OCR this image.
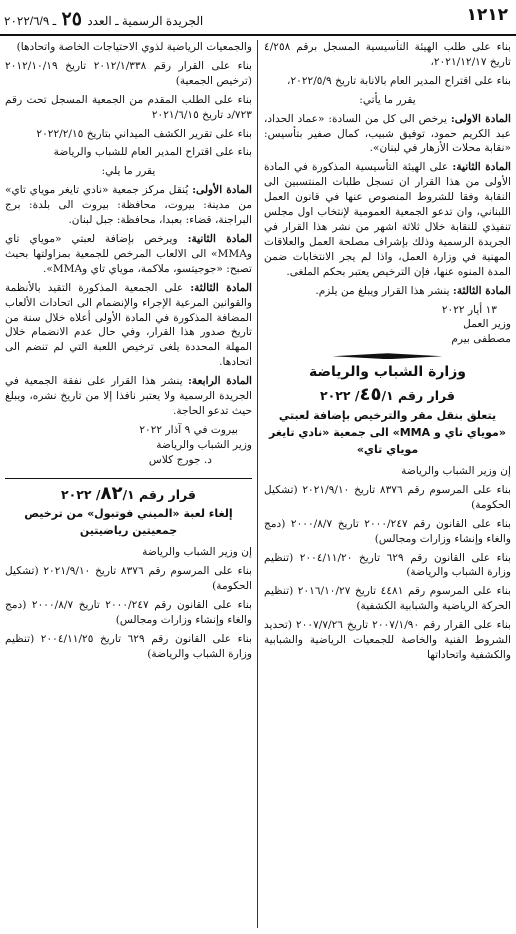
١٢١٢
الجريدة الرسمية ـ العدد ٢٥ ـ ٢٠٢٢/٦/٩

بناء على طلب الهيئة التأسيسية المسجل برقم ٤/٢٥٨ تاريخ ٢٠٢١/١٢/١٧،

بناء على اقتراح المدير العام بالانابة تاريخ ٢٠٢٢/٥/٩،

يقرر ما يأتي:

المادة الاولى: يرخص الى كل من السادة: «عماد الحداد، عبد الكريم حمود، توفيق شبيب، كمال صفير بتأسيس: «نقابة محلات الأزهار في لبنان».

المادة الثانية: على الهيئة التأسيسية المذكورة في المادة الأولى من هذا القرار ان تسجل طلبات المنتسبين الى النقابة وفقا للشروط المنصوص عنها في قانون العمل اللبناني، وان تدعو الجمعية العمومية لإنتخاب اول مجلس تنفيذي للنقابة خلال ثلاثة اشهر من نشر هذا القرار في الجريدة الرسمية وذلك بإشراف مصلحة العمل والعلاقات المهنية في وزارة العمل، واذا لم يجر الانتخابات ضمن المدة المنوه عنها، فإن الترخيص يعتبر بحكم الملغى.

المادة الثالثة: ينشر هذا القرار ويبلغ من يلزم.

١٣ أيار ٢٠٢٢

وزير العمل

مصطفى بيرم

وزارة الشباب والرياضة
قرار رقم ٤٥/١/ ٢٠٢٢
يتعلق بنقل مقر والترخيص بإضافة لعبتي «موياي تاي و MMA» الى جمعية «نادي تايغر موياي تاي»

إن وزير الشباب والرياضة

بناء على المرسوم رقم ٨٣٧٦ تاريخ ٢٠٢١/٩/١٠ (تشكيل الحكومة)

بناء على القانون رقم ٢٠٠٠/٢٤٧ تاريخ ٢٠٠٠/٨/٧ (دمج والغاء وإنشاء وزارات ومجالس)

بناء على القانون رقم ٦٢٩ تاريخ ٢٠٠٤/١١/٢٠ (تنظيم وزارة الشباب والرياضة)

بناء على المرسوم رقم ٤٤٨١ تاريخ ٢٠١٦/١٠/٢٧ (تنظيم الحركة الرياضية والشبابية الكشفية)

بناء على القرار رقم ٢٠٠٧/١/٩٠ تاريخ ٢٠٠٧/٧/٢٦ (تحديد الشروط الفنية والخاصة للجمعيات الرياضية والشبابية والكشفية واتحاداتها

والجمعيات الرياضية لذوي الاحتياجات الخاصة واتحادها)

بناء على القرار رقم ٢٠١٢/١/٣٣٨ تاريخ ٢٠١٢/١٠/١٩ (ترخيص الجمعية)

بناء على الطلب المقدم من الجمعية المسجل تحت رقم ٧٢٣/د تاريخ ٢٠٢١/٦/١٥

بناء على تقرير الكشف الميداني بتاريخ ٢٠٢٢/٢/١٥

بناء على اقتراح المدير العام للشباب والرياضة

يقرر ما يلي:

المادة الأولى: يُنقل مركز جمعية «نادي تايغر موياي تاي» من مدينة: بيروت، محافظة: بيروت الى بلدة: برج البراجنة، قضاء: بعبدا، محافظة: جبل لبنان.

المادة الثانية: ويرخص بإضافة لعبتي «موياي تاي وMMA» الى الالعاب المرخص للجمعية بمزاولتها بحيث تصبح: «جوجيتسو، ملاكمة، موياي تاي وMMA».

المادة الثالثة: على الجمعية المذكورة التقيد بالأنظمة والقوانين المرعية الإجراء والإنضمام الى اتحادات الألعاب المضافة المذكورة في المادة الأولى أعلاه خلال سنة من تاريخ صدور هذا القرار، وفي حال عدم الانضمام خلال المهلة المحددة يلغى ترخيص اللعبة التي لم تنضم الى اتحادها.

المادة الرابعة: ينشر هذا القرار على نفقة الجمعية في الجريدة الرسمية ولا يعتبر نافذا إلا من تاريخ نشره، ويبلغ حيث تدعو الحاجة.

بيروت في ٩ آذار ٢٠٢٢

وزير الشباب والرياضة

د. جورج كلاس

قرار رقم ٨٢/١/ ٢٠٢٢
إلغاء لعبة «الميني فوتبول» من ترخيص جمعيتين رياضيتين

إن وزير الشباب والرياضة

بناء على المرسوم رقم ٨٣٧٦ تاريخ ٢٠٢١/٩/١٠ (تشكيل الحكومة)

بناء على القانون رقم ٢٠٠٠/٢٤٧ تاريخ ٢٠٠٠/٨/٧ (دمج والغاء وإنشاء وزارات ومجالس)

بناء على القانون رقم ٦٢٩ تاريخ ٢٠٠٤/١١/٢٥ (تنظيم وزارة الشباب والرياضة)
